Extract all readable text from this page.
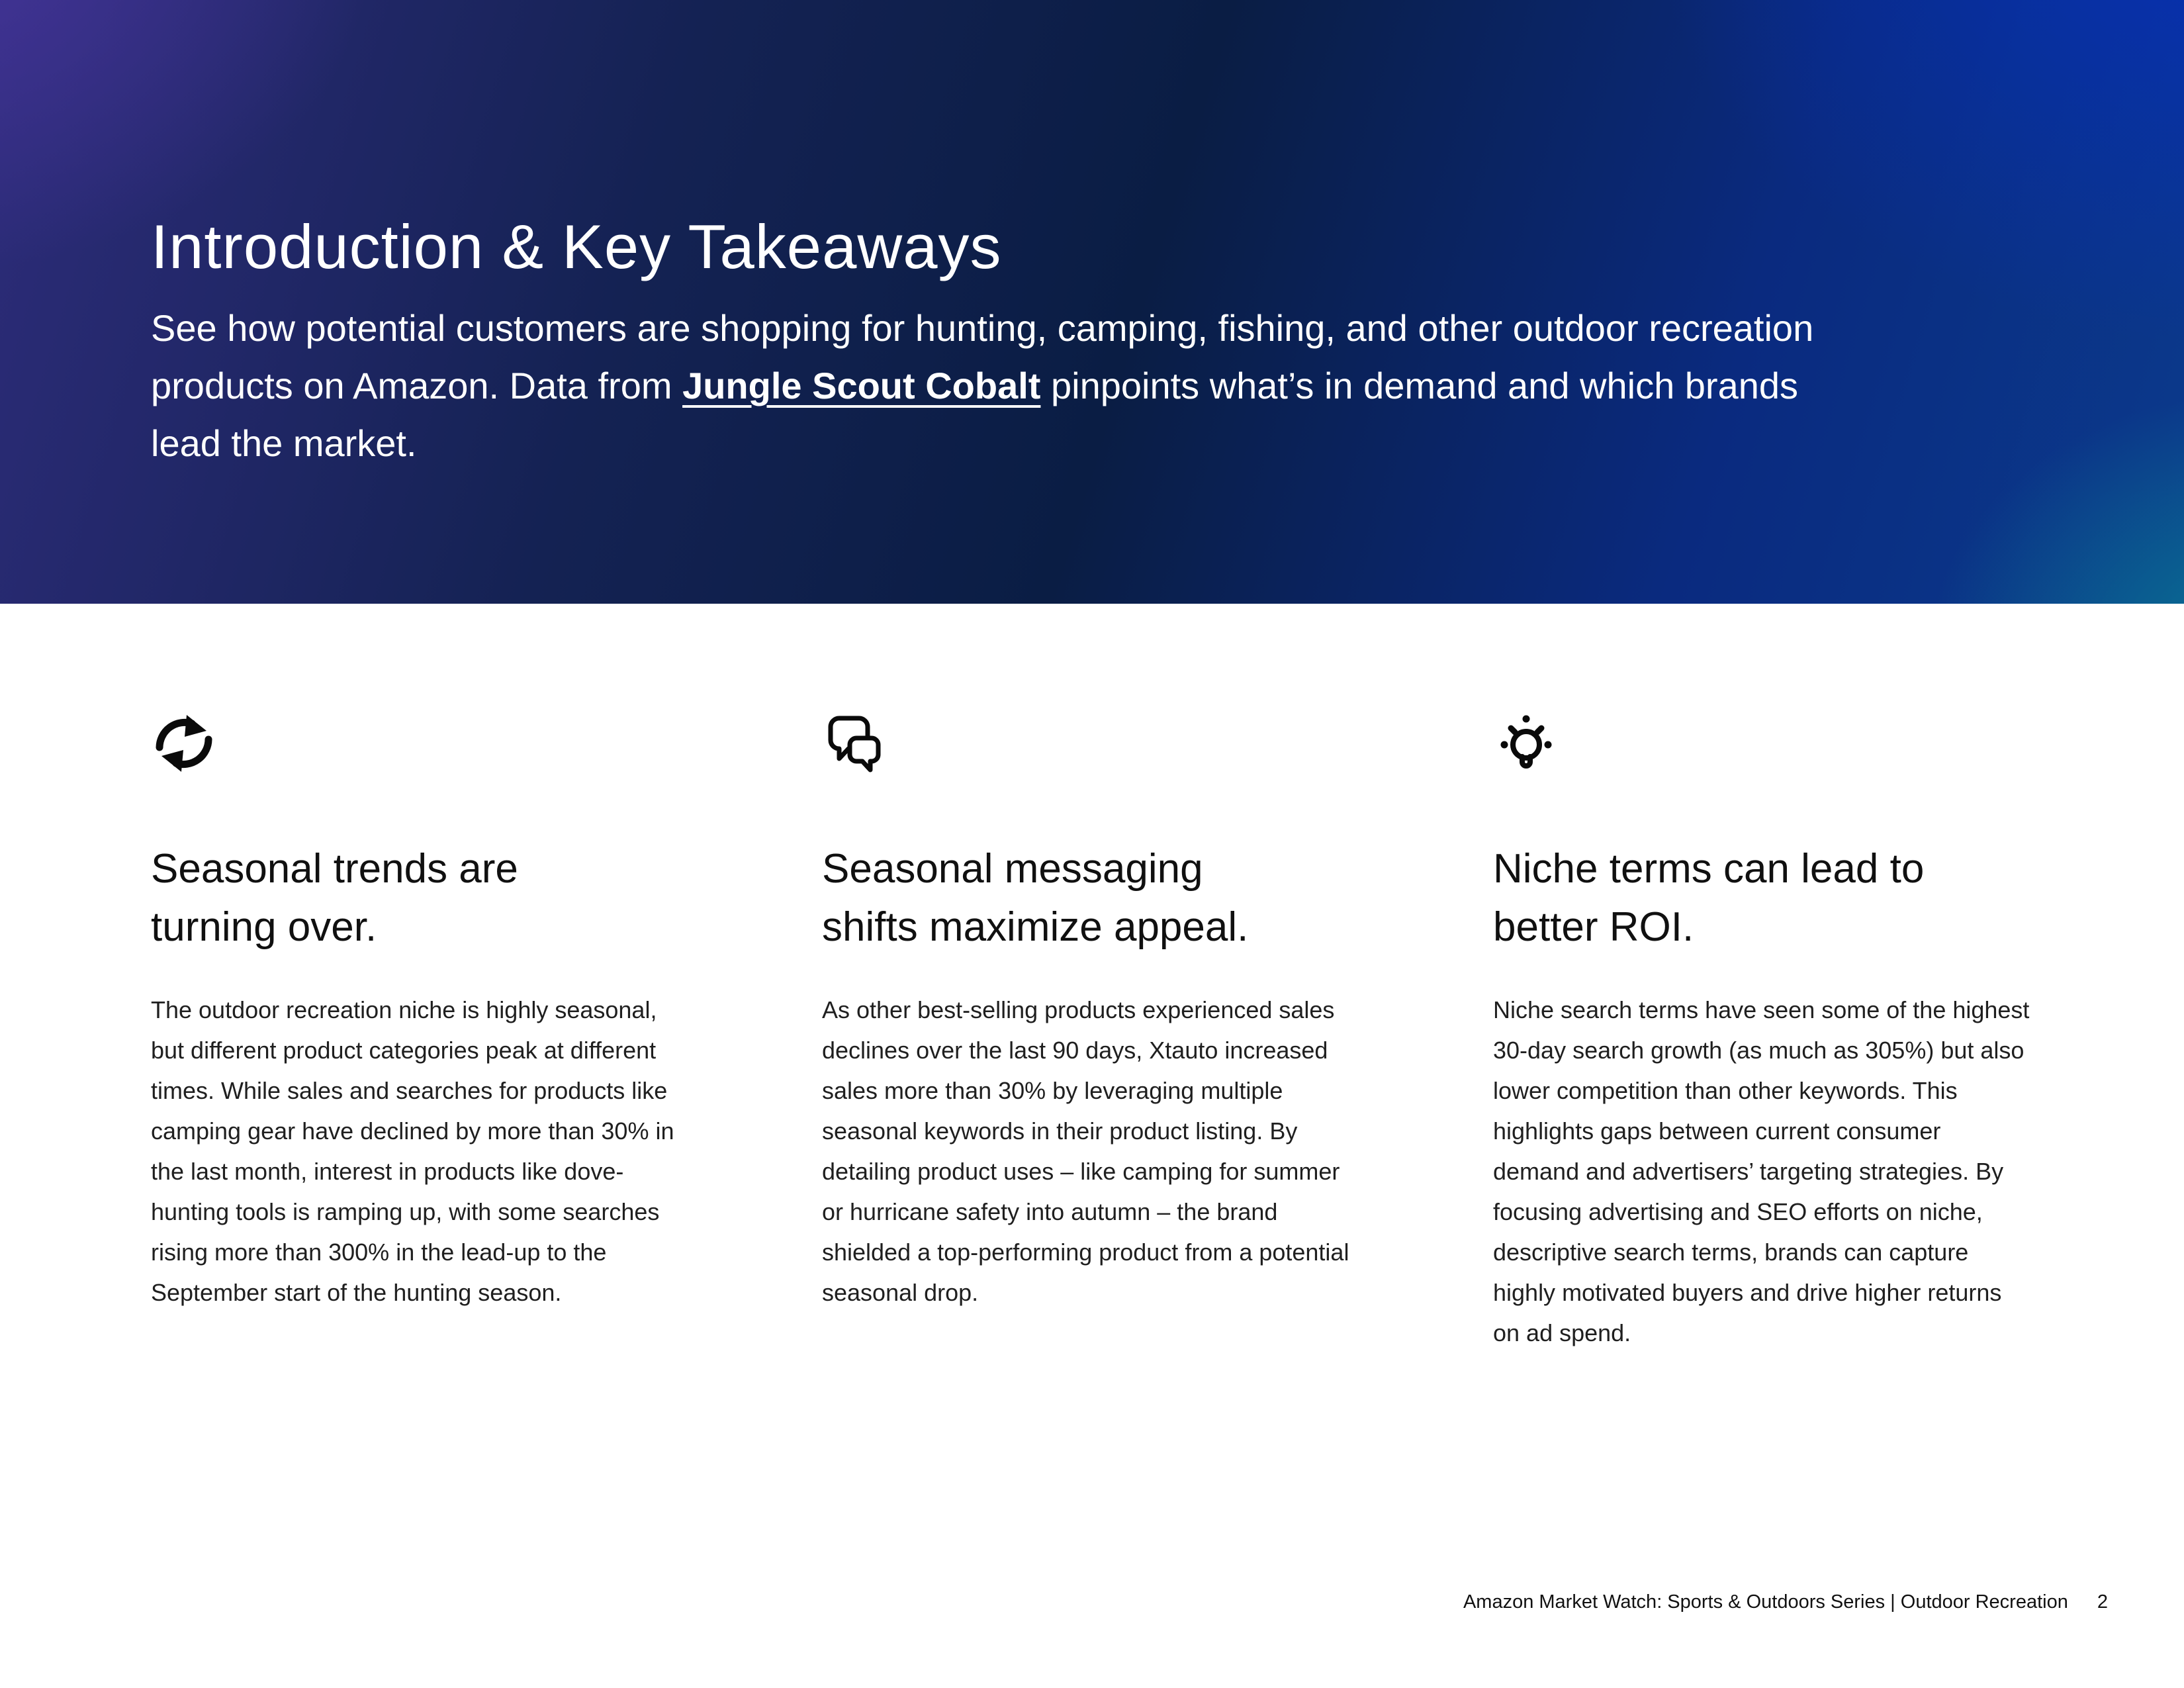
Introduction & Key Takeaways
See how potential customers are shopping for hunting, camping, fishing, and other outdoor recreation
products on Amazon. Data from Jungle Scout Cobalt pinpoints what’s in demand and which brands
lead the market.
Seasonal trends are turning over.
The outdoor recreation niche is highly seasonal, but different product categories peak at different times. While sales and searches for products like camping gear have declined by more than 30% in the last month, interest in products like dove-hunting tools is ramping up, with some searches rising more than 300% in the lead-up to the September start of the hunting season.
Seasonal messaging shifts maximize appeal.
As other best-selling products experienced sales declines over the last 90 days, Xtauto increased sales more than 30% by leveraging multiple seasonal keywords in their product listing. By detailing product uses – like camping for summer or hurricane safety into autumn – the brand shielded a top-performing product from a potential seasonal drop.
Niche terms can lead to better ROI.
Niche search terms have seen some of the highest 30-day search growth (as much as 305%) but also lower competition than other keywords. This highlights gaps between current consumer demand and advertisers’ targeting strategies. By focusing advertising and SEO efforts on niche, descriptive search terms, brands can capture highly motivated buyers and drive higher returns on ad spend.
Amazon Market Watch: Sports & Outdoors Series | Outdoor Recreation 2
